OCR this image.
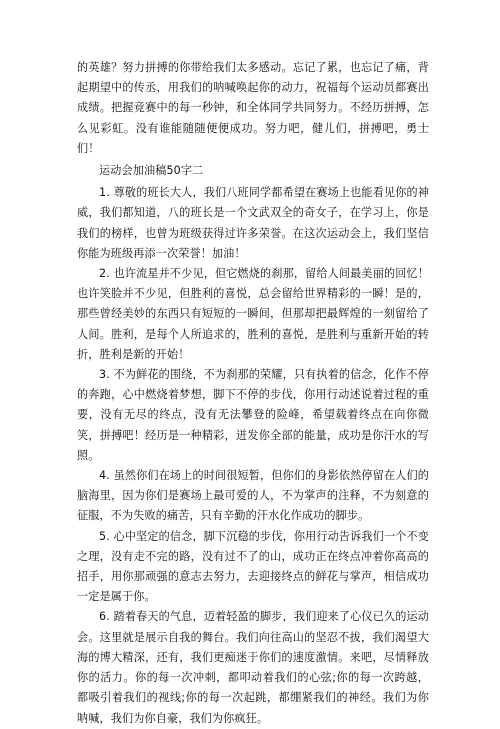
的英雄？努力拼搏的你带给我们太多感动。忘记了累，也忘记了痛，背起期望中的传丞，用我们的呐喊唤起你的动力，祝福每个运动员都赛出成绩。把握竞赛中的每一秒钟，和全体同学共同努力。不经历拼搏，怎么见彩虹。没有谁能随随便便成功。努力吧，健儿们，拼搏吧，勇士们！

运动会加油稿50字二

1. 尊敬的班长大人，我们八班同学都希望在赛场上也能看见你的神威，我们都知道，八的班长是一个文武双全的奇女子，在学习上，你是我们的榜样，也曾为班级获得过许多荣誉。在这次运动会上，我们坚信你能为班级再添一次荣誉！加油！

2. 也许流星并不少见，但它燃烧的刹那，留给人间最美丽的回忆！也许笑脸并不少见，但胜利的喜悦，总会留给世界精彩的一瞬！是的，那些曾经美妙的东西只有短短的一瞬间，但那却把最辉煌的一刻留给了人间。胜利，是每个人所追求的，胜利的喜悦，是胜利与重新开始的转折，胜利是新的开始！

3. 不为鲜花的围绕，不为刹那的荣耀，只有执着的信念，化作不停的奔跑，心中燃烧着梦想，脚下不停的步伐，你用行动述说着过程的重要，没有无尽的终点，没有无法攀登的险峰，希望载着终点在向你微笑，拼搏吧！经历是一种精彩，迸发你全部的能量，成功是你汗水的写照。

4. 虽然你们在场上的时间很短暂，但你们的身影依然停留在人们的脑海里，因为你们是赛场上最可爱的人，不为掌声的注释，不为刻意的征服，不为失败的痛苦，只有辛勤的汗水化作成功的脚步。

5. 心中坚定的信念，脚下沉稳的步伐，你用行动告诉我们一个不变之理，没有走不完的路，没有过不了的山，成功正在终点冲着你高高的招手，用你那顽强的意志去努力，去迎接终点的鲜花与掌声，相信成功一定是属于你。

6. 踏着春天的气息，迈着轻盈的脚步，我们迎来了心仪已久的运动会。这里就是展示自我的舞台。我们向往高山的坚忍不拔，我们渴望大海的博大精深，还有，我们更痴迷于你们的速度激情。来吧，尽情释放你的活力。你的每一次冲刺，都叩动着我们的心弦;你的每一次跨越，都吸引着我们的视线;你的每一次起跳，都绷紧我们的神经。我们为你呐喊，我们为你自豪，我们为你疯狂。
